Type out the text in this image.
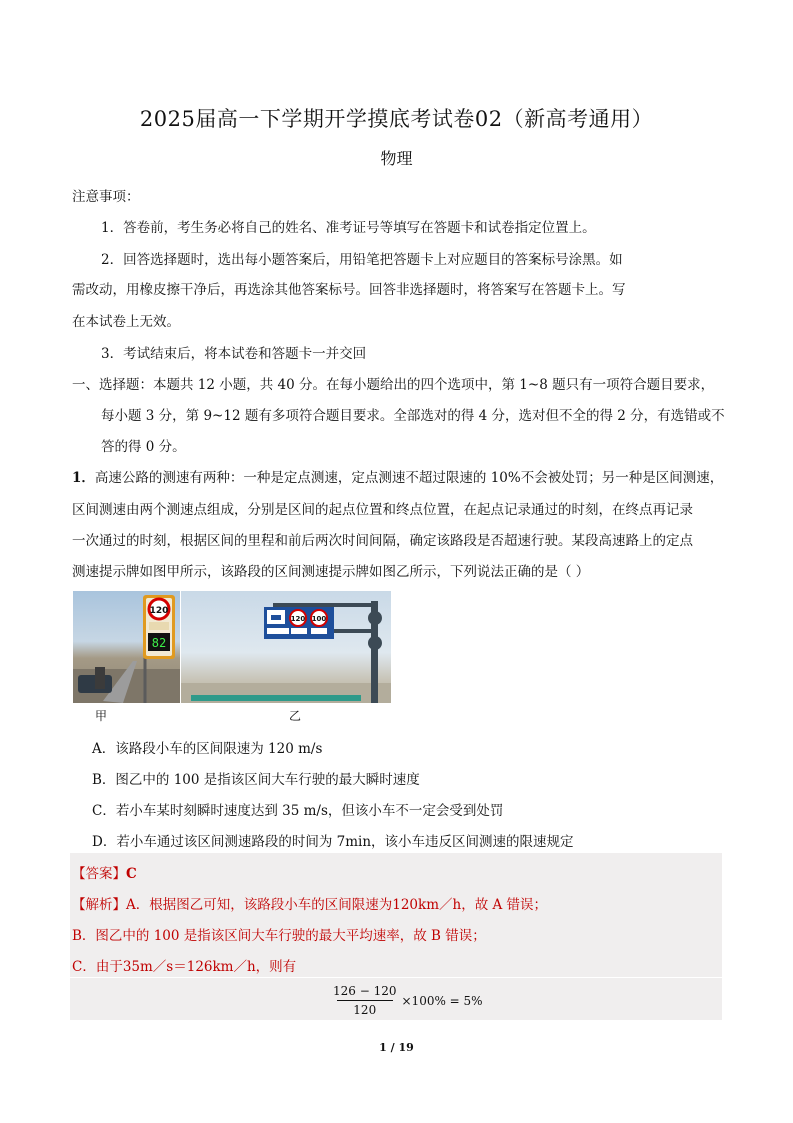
2025届高一下学期开学摸底考试卷02（新高考通用）
物理
注意事项：
1．答卷前，考生务必将自己的姓名、准考证号等填写在答题卡和试卷指定位置上。
2．回答选择题时，选出每小题答案后，用铅笔把答题卡上对应题目的答案标号涂黑。如
需改动，用橡皮擦干净后，再选涂其他答案标号。回答非选择题时，将答案写在答题卡上。写
在本试卷上无效。
3．考试结束后，将本试卷和答题卡一并交回
一、选择题：本题共 12 小题，共 40 分。在每小题给出的四个选项中，第 1~8 题只有一项符合题目要求，
每小题 3 分，第 9~12 题有多项符合题目要求。全部选对的得 4 分，选对但不全的得 2 分，有选错或不
答的得 0 分。
1．高速公路的测速有两种：一种是定点测速，定点测速不超过限速的 10%不会被处罚；另一种是区间测速，
区间测速由两个测速点组成，分别是区间的起点位置和终点位置，在起点记录通过的时刻，在终点再记录
一次通过的时刻，根据区间的里程和前后两次时间间隔，确定该路段是否超速行驶。某段高速路上的定点
测速提示牌如图甲所示，该路段的区间测速提示牌如图乙所示，下列说法正确的是（ ）
120
82
120 100
甲	乙
A．该路段小车的区间限速为 120 m/s
B．图乙中的 100 是指该区间大车行驶的最大瞬时速度
C．若小车某时刻瞬时速度达到 35 m/s，但该小车不一定会受到处罚
D．若小车通过该区间测速路段的时间为 7min，该小车违反区间测速的限速规定
【答案】C
【解析】A．根据图乙可知，该路段小车的区间限速为120km／h，故 A 错误；
B．图乙中的 100 是指该区间大车行驶的最大平均速率，故 B 错误；
C．由于35m／s＝126km／h，则有
126 − 120
120
×100% = 5%
1 / 19
